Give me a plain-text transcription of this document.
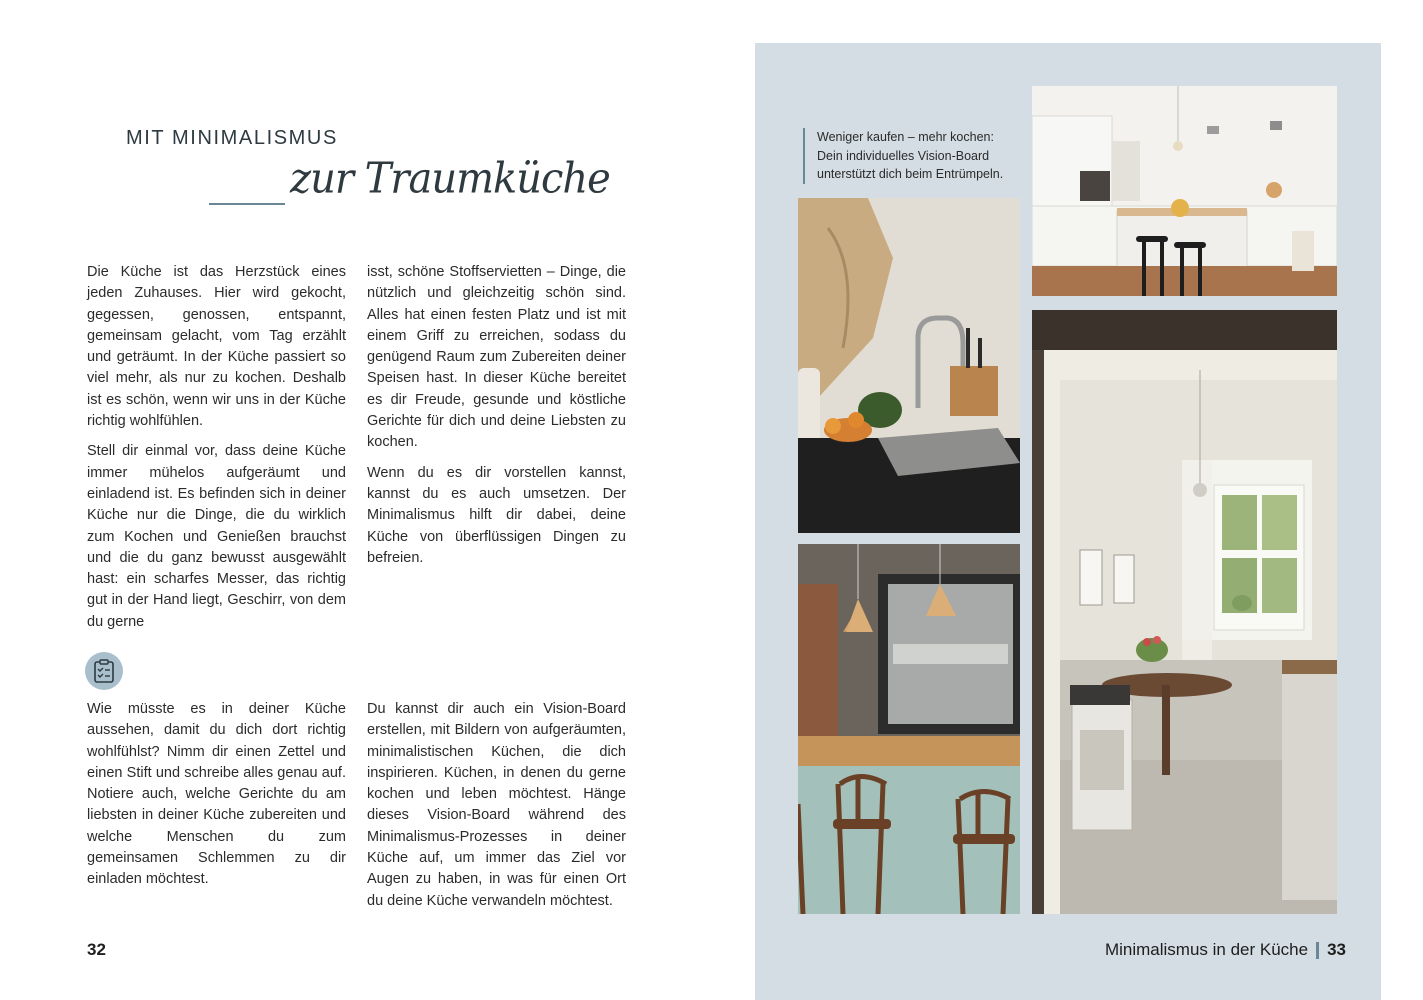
MIT MINIMALISMUS
zur Traumküche

Die Küche ist das Herzstück eines jeden Zuhauses. Hier wird gekocht, gegessen, genossen, entspannt, gemeinsam gelacht, vom Tag erzählt und geträumt. In der Küche passiert so viel mehr, als nur zu kochen. Deshalb ist es schön, wenn wir uns in der Küche richtig wohlfühlen.

Stell dir einmal vor, dass deine Küche immer mühelos aufgeräumt und einladend ist. Es befinden sich in deiner Küche nur die Dinge, die du wirklich zum Kochen und Genießen brauchst und die du ganz bewusst ausgewählt hast: ein scharfes Messer, das richtig gut in der Hand liegt, Geschirr, von dem du gerne

isst, schöne Stoffservietten – Dinge, die nützlich und gleichzeitig schön sind. Alles hat einen festen Platz und ist mit einem Griff zu erreichen, sodass du genügend Raum zum Zubereiten deiner Speisen hast. In dieser Küche bereitet es dir Freude, gesunde und köstliche Gerichte für dich und deine Liebsten zu kochen.

Wenn du es dir vorstellen kannst, kannst du es auch umsetzen. Der Minimalismus hilft dir dabei, deine Küche von überflüssigen Dingen zu befreien.

Wie müsste es in deiner Küche aussehen, damit du dich dort richtig wohlfühlst? Nimm dir einen Zettel und einen Stift und schreibe alles genau auf. Notiere auch, welche Gerichte du am liebsten in deiner Küche zubereiten und welche Menschen du zum gemeinsamen Schlemmen zu dir einladen möchtest.

Du kannst dir auch ein Vision-Board erstellen, mit Bildern von aufgeräumten, minimalistischen Küchen, die dich inspirieren. Küchen, in denen du gerne kochen und leben möchtest. Hänge dieses Vision-Board während des Minimalismus-Prozesses in deiner Küche auf, um immer das Ziel vor Augen zu haben, in was für einen Ort du deine Küche verwandeln möchtest.

32	Minimalismus in der Küche 33
Weniger kaufen – mehr kochen:
Dein individuelles Vision-Board
unterstützt dich beim Entrümpeln.
